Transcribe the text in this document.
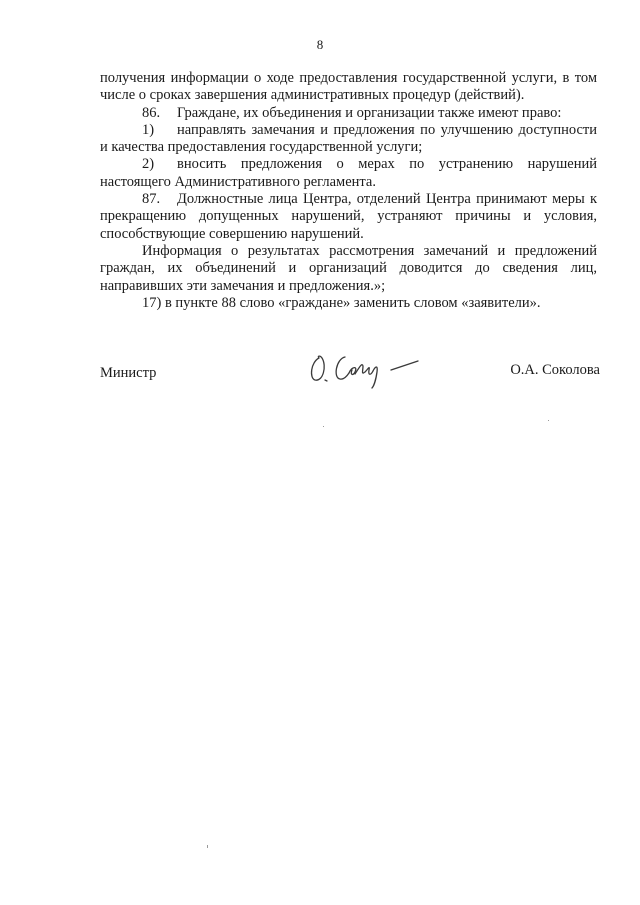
8

получения информации о ходе предоставления государственной услуги, в том числе о сроках завершения административных процедур (действий).

86. Граждане, их объединения и организации также имеют право:

1) направлять замечания и предложения по улучшению доступности и качества предоставления государственной услуги;

2) вносить предложения о мерах по устранению нарушений настоящего Административного регламента.

87. Должностные лица Центра, отделений Центра принимают меры к прекращению допущенных нарушений, устраняют причины и условия, способствующие совершению нарушений.

Информация о результатах рассмотрения замечаний и предложений граждан, их объединений и организаций доводится до сведения лиц, направивших эти замечания и предложения.»;

17) в пункте 88 слово «граждане» заменить словом «заявители».

Министр	О.А. Соколова
